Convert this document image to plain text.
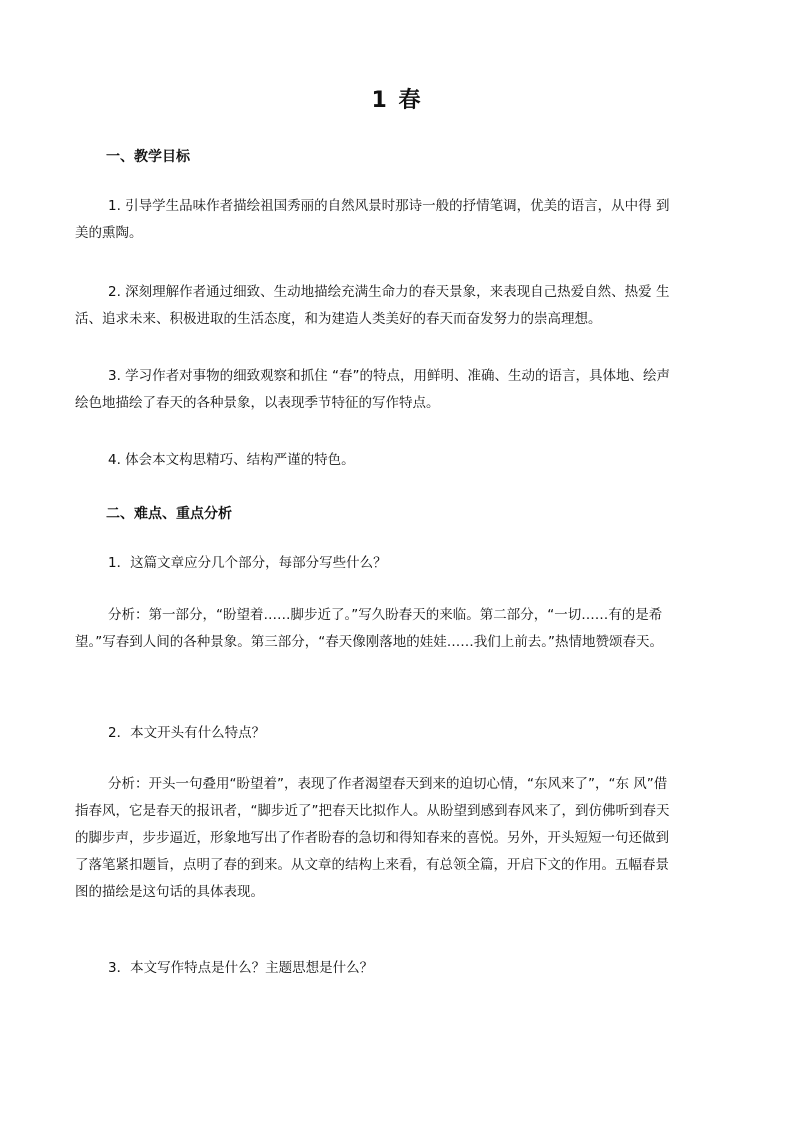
1 春
一、教学目标
1. 引导学生品味作者描绘祖国秀丽的自然风景时那诗一般的抒情笔调，优美的语言，从中得 到美的熏陶。
2. 深刻理解作者通过细致、生动地描绘充满生命力的春天景象，来表现自己热爱自然、热爱 生活、追求未来、积极进取的生活态度，和为建造人类美好的春天而奋发努力的崇高理想。
3. 学习作者对事物的细致观察和抓住 “春”的特点，用鲜明、准确、生动的语言，具体地、绘声绘色地描绘了春天的各种景象，以表现季节特征的写作特点。
4. 体会本文构思精巧、结构严谨的特色。
二、难点、重点分析
1．这篇文章应分几个部分，每部分写些什么？
分析：第一部分，“盼望着……脚步近了。”写久盼春天的来临。第二部分，“一切……有的是希望。”写春到人间的各种景象。第三部分，“春天像刚落地的娃娃……我们上前去。”热情地赞颂春天。
2．本文开头有什么特点？
分析：开头一句叠用“盼望着”，表现了作者渴望春天到来的迫切心情，“东风来了”，“东 风”借指春风，它是春天的报讯者，“脚步近了”把春天比拟作人。从盼望到感到春风来了，到仿佛听到春天的脚步声，步步逼近，形象地写出了作者盼春的急切和得知春来的喜悦。另外，开头短短一句还做到了落笔紧扣题旨，点明了春的到来。从文章的结构上来看，有总领全篇，开启下文的作用。五幅春景图的描绘是这句话的具体表现。
3．本文写作特点是什么？主题思想是什么？
